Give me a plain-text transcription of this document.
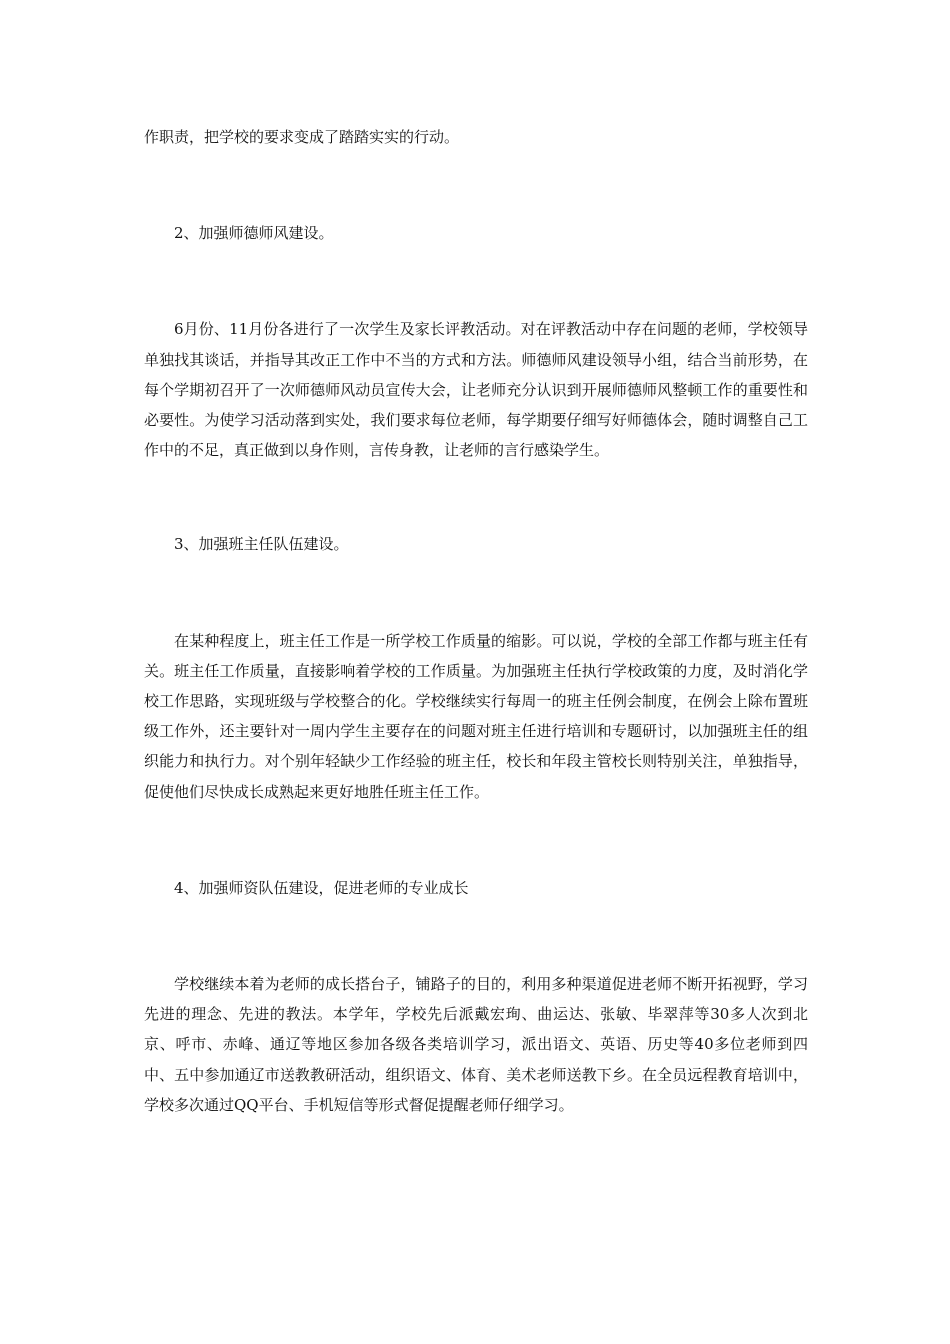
作职责，把学校的要求变成了踏踏实实的行动。

2、加强师德师风建设。

6月份、11月份各进行了一次学生及家长评教活动。对在评教活动中存在问题的老师，学校领导单独找其谈话，并指导其改正工作中不当的方式和方法。师德师风建设领导小组，结合当前形势，在每个学期初召开了一次师德师风动员宣传大会，让老师充分认识到开展师德师风整顿工作的重要性和必要性。为使学习活动落到实处，我们要求每位老师，每学期要仔细写好师德体会，随时调整自己工作中的不足，真正做到以身作则，言传身教，让老师的言行感染学生。

3、加强班主任队伍建设。

在某种程度上，班主任工作是一所学校工作质量的缩影。可以说，学校的全部工作都与班主任有关。班主任工作质量，直接影响着学校的工作质量。为加强班主任执行学校政策的力度，及时消化学校工作思路，实现班级与学校整合的化。学校继续实行每周一的班主任例会制度，在例会上除布置班级工作外，还主要针对一周内学生主要存在的问题对班主任进行培训和专题研讨，以加强班主任的组织能力和执行力。对个别年轻缺少工作经验的班主任，校长和年段主管校长则特别关注，单独指导，促使他们尽快成长成熟起来更好地胜任班主任工作。

4、加强师资队伍建设，促进老师的专业成长

学校继续本着为老师的成长搭台子，铺路子的目的，利用多种渠道促进老师不断开拓视野，学习先进的理念、先进的教法。本学年，学校先后派戴宏珣、曲运达、张敏、毕翠萍等30多人次到北京、呼市、赤峰、通辽等地区参加各级各类培训学习，派出语文、英语、历史等40多位老师到四中、五中参加通辽市送教教研活动，组织语文、体育、美术老师送教下乡。在全员远程教育培训中，学校多次通过QQ平台、手机短信等形式督促提醒老师仔细学习。
